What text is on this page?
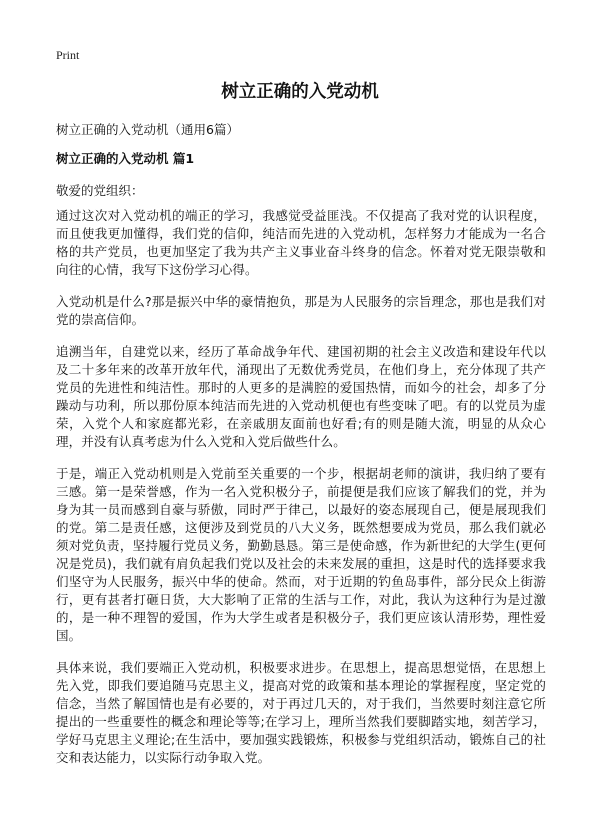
Print
树立正确的入党动机

树立正确的入党动机（通用6篇）

树立正确的入党动机 篇1

敬爱的党组织：

通过这次对入党动机的端正的学习，我感觉受益匪浅。不仅提高了我对党的认识程度，而且使我更加懂得，我们党的信仰，纯洁而先进的入党动机，怎样努力才能成为一名合格的共产党员，也更加坚定了我为共产主义事业奋斗终身的信念。怀着对党无限崇敬和向往的心情，我写下这份学习心得。

入党动机是什么?那是振兴中华的豪情抱负，那是为人民服务的宗旨理念，那也是我们对党的崇高信仰。

追溯当年，自建党以来，经历了革命战争年代、建国初期的社会主义改造和建设年代以及二十多年来的改革开放年代，涌现出了无数优秀党员，在他们身上，充分体现了共产党员的先进性和纯洁性。那时的人更多的是满腔的爱国热情，而如今的社会，却多了分躁动与功利，所以那份原本纯洁而先进的入党动机便也有些变味了吧。有的以党员为虚荣，入党个人和家庭都光彩，在亲戚朋友面前也好看;有的则是随大流，明显的从众心理，并没有认真考虑为什么入党和入党后做些什么。

于是，端正入党动机则是入党前至关重要的一个步，根据胡老师的演讲，我归纳了要有三感。第一是荣誉感，作为一名入党积极分子，前提便是我们应该了解我们的党，并为身为其一员而感到自豪与骄傲，同时严于律己，以最好的姿态展现自己，便是展现我们的党。第二是责任感，这便涉及到党员的八大义务，既然想要成为党员，那么我们就必须对党负责，坚持履行党员义务，勤勤恳恳。第三是使命感，作为新世纪的大学生(更何况是党员)，我们就有肩负起我们党以及社会的未来发展的重担，这是时代的选择要求我们坚守为人民服务，振兴中华的使命。然而，对于近期的钓鱼岛事件，部分民众上街游行，更有甚者打砸日货，大大影响了正常的生活与工作，对此，我认为这种行为是过激的，是一种不理智的爱国，作为大学生或者是积极分子，我们更应该认清形势，理性爱国。

具体来说，我们要端正入党动机，积极要求进步。在思想上，提高思想觉悟，在思想上先入党，即我们要追随马克思主义，提高对党的政策和基本理论的掌握程度，坚定党的信念，当然了解国情也是有必要的，对于再过几天的，对于我们，当然要时刻注意它所提出的一些重要性的概念和理论等等;在学习上，理所当然我们要脚踏实地，刻苦学习，学好马克思主义理论;在生活中，要加强实践锻炼，积极参与党组织活动，锻炼自己的社交和表达能力，以实际行动争取入党。
